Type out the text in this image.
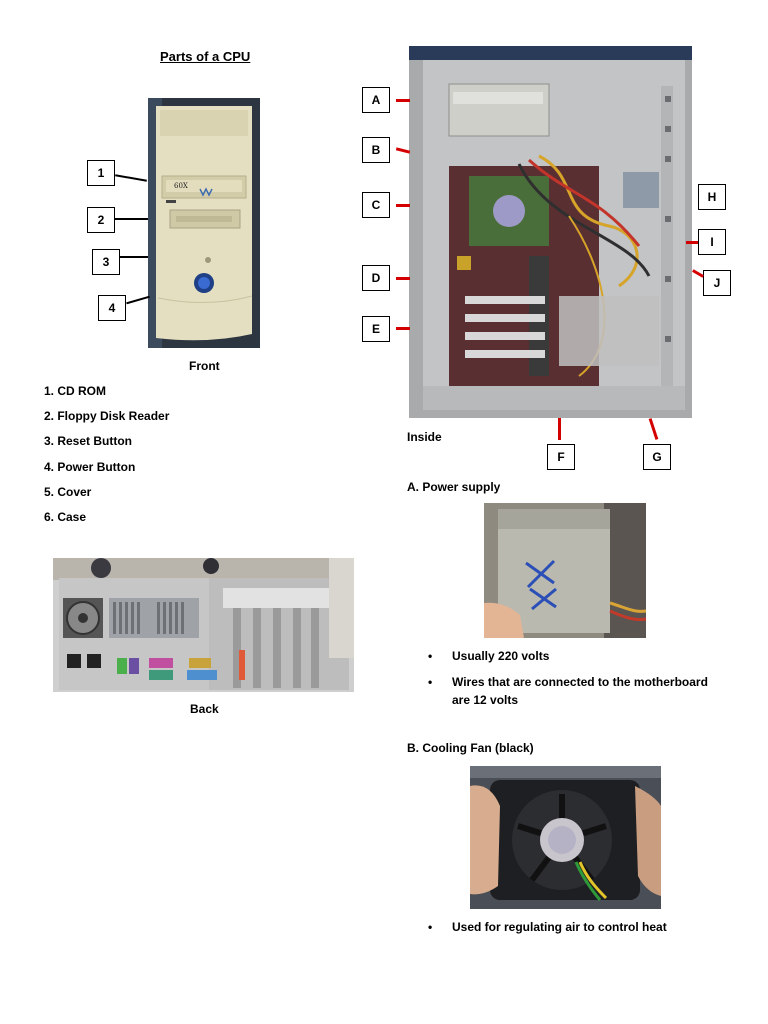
Parts of a CPU
60X
1
2
3
4
Front
1. CD ROM
2. Floppy Disk Reader
3. Reset Button
4. Power Button
5. Cover
6. Case
Back
A
B
C
D
E
H
I
J
F	G
Inside
A. Power supply
• Usually 220 volts
• Wires that are connected to the motherboard
are 12 volts
B. Cooling Fan (black)
• Used for regulating air to control heat
